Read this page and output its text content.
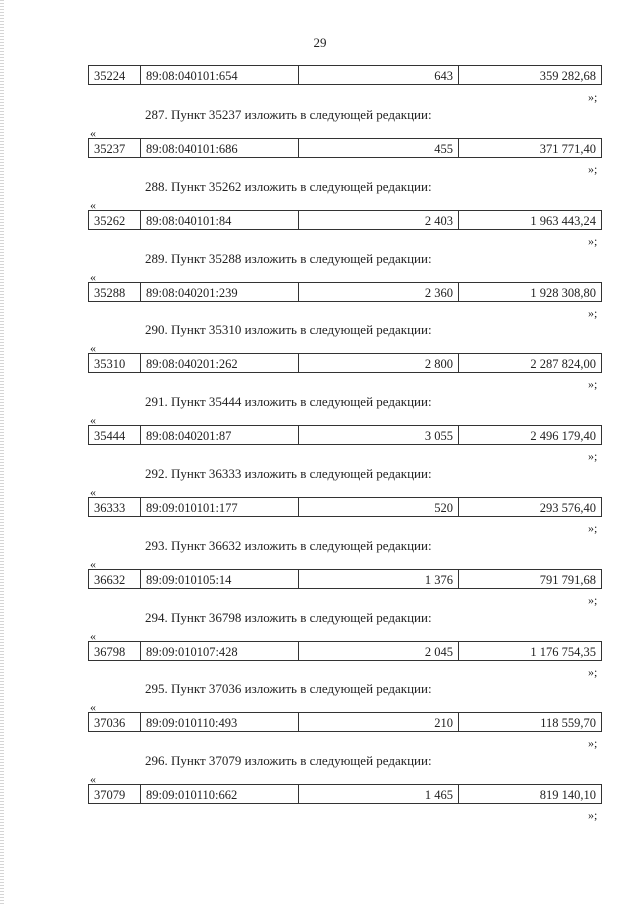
29
35224	89:08:040101:654	643	359 282,68
»;
287. Пункт 35237 изложить в следующей редакции:
«
35237	89:08:040101:686	455	371 771,40
»;
288. Пункт 35262 изложить в следующей редакции:
«
35262	89:08:040101:84	2 403	1 963 443,24
»;
289. Пункт 35288 изложить в следующей редакции:
«
35288	89:08:040201:239	2 360	1 928 308,80
»;
290. Пункт 35310 изложить в следующей редакции:
«
35310	89:08:040201:262	2 800	2 287 824,00
»;
291. Пункт 35444 изложить в следующей редакции:
«
35444	89:08:040201:87	3 055	2 496 179,40
»;
292. Пункт 36333 изложить в следующей редакции:
«
36333	89:09:010101:177	520	293 576,40
»;
293. Пункт 36632 изложить в следующей редакции:
«
36632	89:09:010105:14	1 376	791 791,68
»;
294. Пункт 36798 изложить в следующей редакции:
«
36798	89:09:010107:428	2 045	1 176 754,35
»;
295. Пункт 37036 изложить в следующей редакции:
«
37036	89:09:010110:493	210	118 559,70
»;
296. Пункт 37079 изложить в следующей редакции:
«
37079	89:09:010110:662	1 465	819 140,10
»;
